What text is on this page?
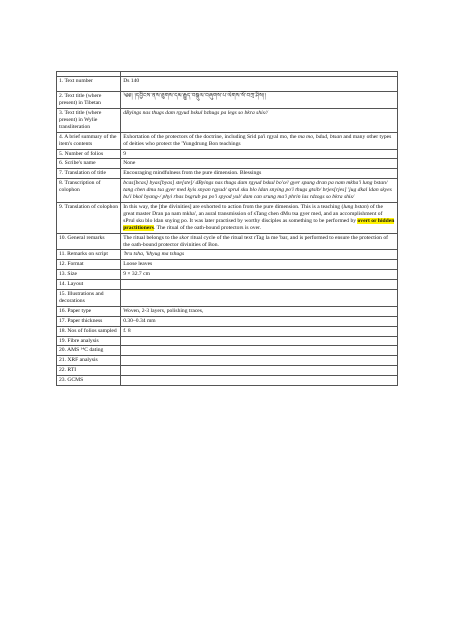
1. Text number	Ds 140
2. Text title (where present) in Tibetan	༄༅། །དབྱིངས་ནས་ཐུགས་དམ་རྒྱུད་བསྐུལ་བཞུགས་པ་ལེགས་སོ་བཀྲ་ཤིས།།
3. Text title (where present) in Wylie transliteration	dByings nas thugs dam rgyud bskul bzhugs pa legs so bkra shis//
4. A brief summary of the item's contents	Exhortation of the protectors of the doctrine, including Srid pa'i rgyal mo, the ma mo, bdud, btsan and many other types of deities who protect the 'Yungdrung Bon teachings
5. Number of folios	9
6. Scribe's name	None
7. Translation of title	Encouraging mindfulness from the pure dimension. Blessings
8. Transcription of colophon	bcas[bcas] byas[byas] ste[ste]/ dByings nas thugs dam rgyud bskul bo'o// gyer spung dran pa nam mkha'i lung bstan/ tang chen dmu tsa gyer med kyis snyan rgyud/ sprul sku blo ldan snying po'i thugs gtsib/ brjes[rjes] 'jug dkal ldan skyes bu'i bkol byang-/ phyi rbas bsgrub pa po'i spyod yul/ dam can srung ma'i phrin las rdzogs so bkra shis/
9. Translation of colophon	In this way, the [the divinities] are exhorted to action from the pure dimension. This is a teaching (lung bstan) of the great master Dran pa nam mkha', an aural transmission of sTang chen dMu tsa gyer med, and an accomplishment of sPrul sku blo ldan snying po. It was later practised by worthy disciples as something to be performed by overt or hidden practitioners. The ritual of the oath-bound protectors is over.
10. General remarks	The ritual belongs to the skor ritual cycle of the ritual text rTag la me 'bar, and is performed to ensure the protection of the oath-bound protector divinities of Bon.
11. Remarks on script	'bru tsha, 'khyug ma tshugs
12. Format	Loose leaves
13. Size	9 × 32.7 cm
14. Layout	
15. Illustrations and decorations	
16. Paper type	Woven, 2-3 layers, polishing traces,
17. Paper thickness	0.30–0.34 mm
18. Nos of folios sampled	f. 8
19. Fibre analysis	
20. AMS ¹⁴C dating	
21. XRF analysis	
22. RTI	
23. GCMS	
